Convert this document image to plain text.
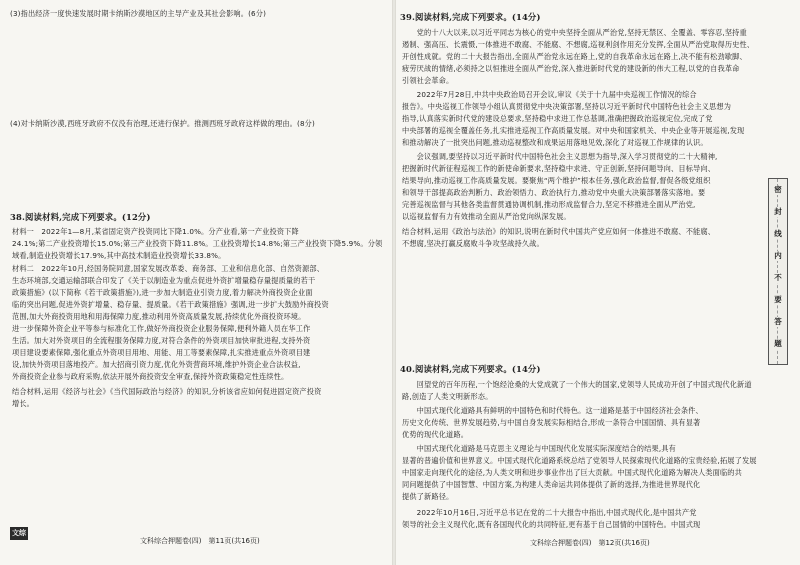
(3)指出经济一度快速发展时期卡纳斯沙漠地区的主导产业及其社会影响。(6分)
(4)对卡纳斯沙漠,西班牙政府不仅没有治理,还进行保护。推测西班牙政府这样做的理由。(8分)
38.阅读材料,完成下列要求。(12分)
材料一　2022年1—8月,某省固定资产投资同比下降1.0%。分产业看,第一产业投资下降
24.1%;第二产业投资增长15.0%;第三产业投资下降11.8%。工业投资增长14.8%;第三产业投资下降5.9%。分领
域看,制造业投资增长17.9%,其中高技术制造业投资增长33.8%。
材料二　2022年10月,经国务院同意,国家发展改革委、商务部、工业和信息化部、自然资源部、
生态环境部,交通运输部联合印发了《关于以制造业为重点促进外资扩增量稳存量提质量的若干
政策措施》(以下简称《若干政策措施》),进一步加大制造业引资力度,着力解决外商投资企业面
临的突出问题,促进外资扩增量、稳存量、提质量。《若干政策措施》强调,进一步扩大鼓励外商投资
范围,加大外商投资用地和用海保障力度,推动利用外资高质量发展,持续优化外商投资环境。
进一步保障外资企业平等参与标准化工作,做好外商投资企业服务保障,便利外籍人员在华工作
生活。加大对外资项目的全流程服务保障力度,对符合条件的外资项目加快审批进程,支持外资
项目建设要素保障,强化重点外资项目用地、用能、用工等要素保障,扎实推进重点外资项目建
设,加快外资项目落地投产。加大招商引资力度,优化外资营商环境,维护外资企业合法权益,
外商投资企业参与政府采购,依法开展外商投资安全审查,保持外资政策稳定性连续性。
结合材料,运用《经济与社会》《当代国际政治与经济》的知识,分析该省应如何促进固定资产投资
增长。
文综
文科综合押题卷(四)　第11页(共16页)
39.阅读材料,完成下列要求。(14分)
　　党的十八大以来,以习近平同志为核心的党中央坚持全面从严治党,坚持无禁区、全覆盖、零容忍,坚持重
遏制、强高压、长震慑,一体推进不敢腐、不能腐、不想腐,巡视利剑作用充分发挥,全面从严治党取得历史性、
开创性成就。党的二十大报告指出,全面从严治党永远在路上,党的自我革命永远在路上,决不能有松劲歇脚、
疲劳厌战的情绪,必须持之以恒推进全面从严治党,深入推进新时代党的建设新的伟大工程,以党的自我革命
引领社会革命。
　　2022年7月28日,中共中央政治局召开会议,审议《关于十九届中央巡视工作情况的综合
报告》。中央巡视工作领导小组认真贯彻党中央决策部署,坚持以习近平新时代中国特色社会主义思想为
指导,认真落实新时代党的建设总要求,坚持稳中求进工作总基调,准确把握政治巡视定位,完成了党
中央部署的巡视全覆盖任务,扎实推进巡视工作高质量发展。对中央和国家机关、中央企业等开展巡视,发现
和推动解决了一批突出问题,推动巡视整改和成果运用落地见效,深化了对巡视工作规律的认识。
　　会议强调,要坚持以习近平新时代中国特色社会主义思想为指导,深入学习贯彻党的二十大精神,
把握新时代新征程巡视工作的新使命新要求,坚持稳中求进、守正创新,坚持问题导向、目标导向、
结果导向,推动巡视工作高质量发展。要聚焦“两个维护”根本任务,强化政治监督,督促各级党组织
和领导干部提高政治判断力、政治领悟力、政治执行力,推动党中央重大决策部署落实落地。要
完善巡视监督与其他各类监督贯通协调机制,推动形成监督合力,坚定不移推进全面从严治党,
以巡视监督有力有效推动全面从严治党向纵深发展。
结合材料,运用《政治与法治》的知识,说明在新时代中国共产党应如何一体推进不敢腐、不能腐、
不想腐,坚决打赢反腐败斗争攻坚战持久战。
40.阅读材料,完成下列要求。(14分)
　　回望党的百年历程,一个饱经沧桑的大党成就了一个伟大的国家,党领导人民成功开创了中国式现代化新道
路,创造了人类文明新形态。
　　中国式现代化道路具有鲜明的中国特色和时代特色。这一道路是基于中国经济社会条件、
历史文化传统、世界发展趋势,与中国自身发展实际相结合,形成一条符合中国国情、具有显著
优势的现代化道路。
　　中国式现代化道路是马克思主义理论与中国现代化发展实际深度结合的结果,具有
显著的普遍价值和世界意义。中国式现代化道路系统总结了党领导人民探索现代化道路的宝贵经验,拓展了发展
中国家走向现代化的途径,为人类文明和进步事业作出了巨大贡献。中国式现代化道路为解决人类面临的共
同问题提供了中国智慧、中国方案,为构建人类命运共同体提供了新的选择,为推进世界现代化
提供了新路径。
　　2022年10月16日,习近平总书记在党的二十大报告中指出,中国式现代化,是中国共产党
领导的社会主义现代化,既有各国现代化的共同特征,更有基于自己国情的中国特色。中国式现
文科综合押题卷(四)　第12页(共16页)
密
封
线
内
不
要
答
题
